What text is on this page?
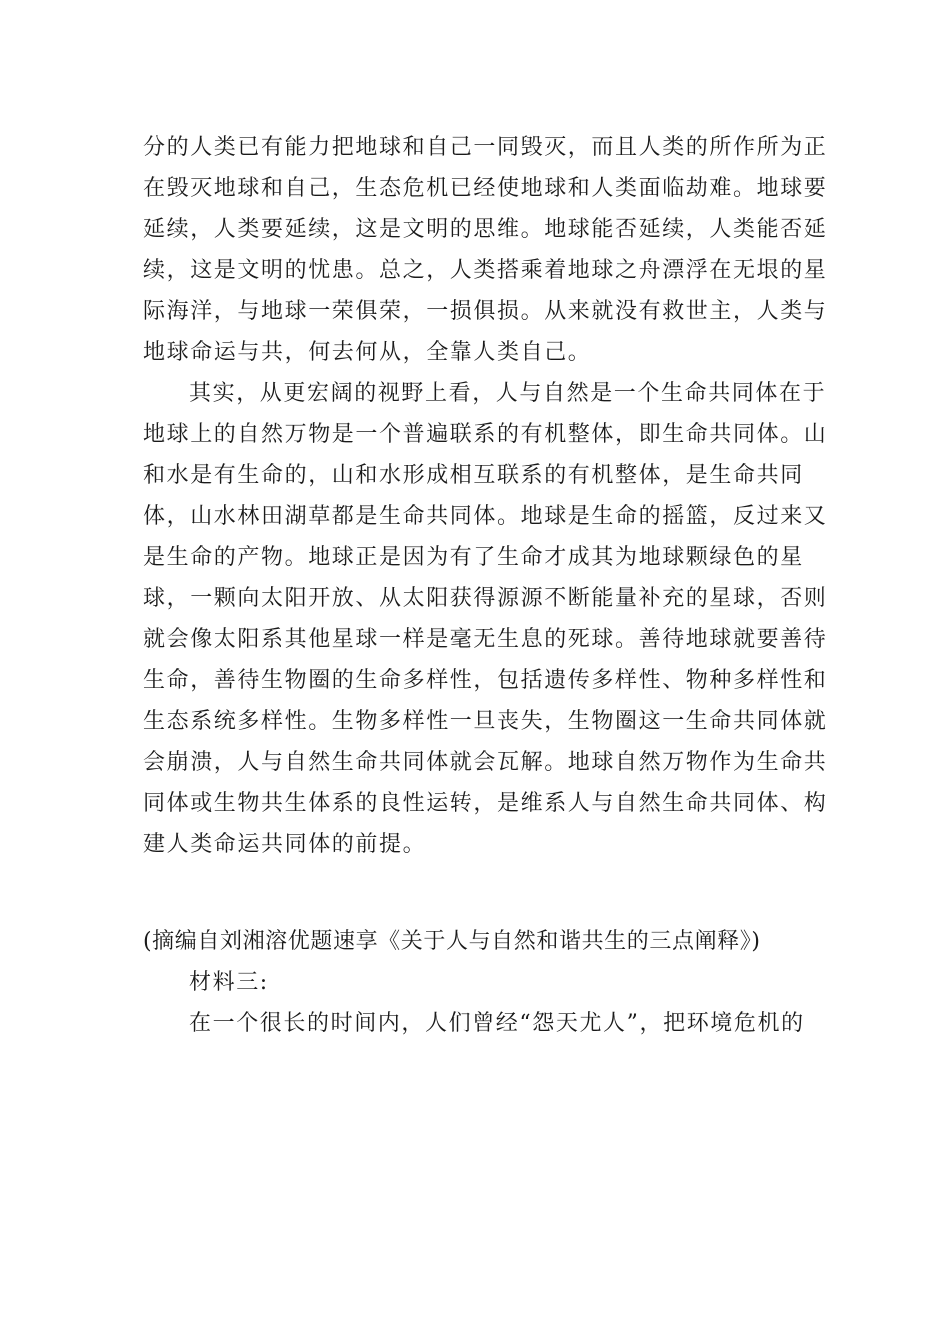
分的人类已有能力把地球和自己一同毁灭，而且人类的所作所为正
在毁灭地球和自己，生态危机已经使地球和人类面临劫难。地球要
延续，人类要延续，这是文明的思维。地球能否延续，人类能否延
续，这是文明的忧患。总之，人类搭乘着地球之舟漂浮在无垠的星
际海洋，与地球一荣俱荣，一损俱损。从来就没有救世主，人类与
地球命运与共，何去何从，全靠人类自己。
其实，从更宏阔的视野上看，人与自然是一个生命共同体在于
地球上的自然万物是一个普遍联系的有机整体，即生命共同体。山
和水是有生命的，山和水形成相互联系的有机整体，是生命共同
体，山水林田湖草都是生命共同体。地球是生命的摇篮，反过来又
是生命的产物。地球正是因为有了生命才成其为地球颗绿色的星
球，一颗向太阳开放、从太阳获得源源不断能量补充的星球，否则
就会像太阳系其他星球一样是毫无生息的死球。善待地球就要善待
生命，善待生物圈的生命多样性，包括遗传多样性、物种多样性和
生态系统多样性。生物多样性一旦丧失，生物圈这一生命共同体就
会崩溃，人与自然生命共同体就会瓦解。地球自然万物作为生命共
同体或生物共生体系的良性运转，是维系人与自然生命共同体、构
建人类命运共同体的前提。
(摘编自刘湘溶优题速享《关于人与自然和谐共生的三点阐释》)
材料三:
在一个很长的时间内，人们曾经“怨天尤人”，把环境危机的
